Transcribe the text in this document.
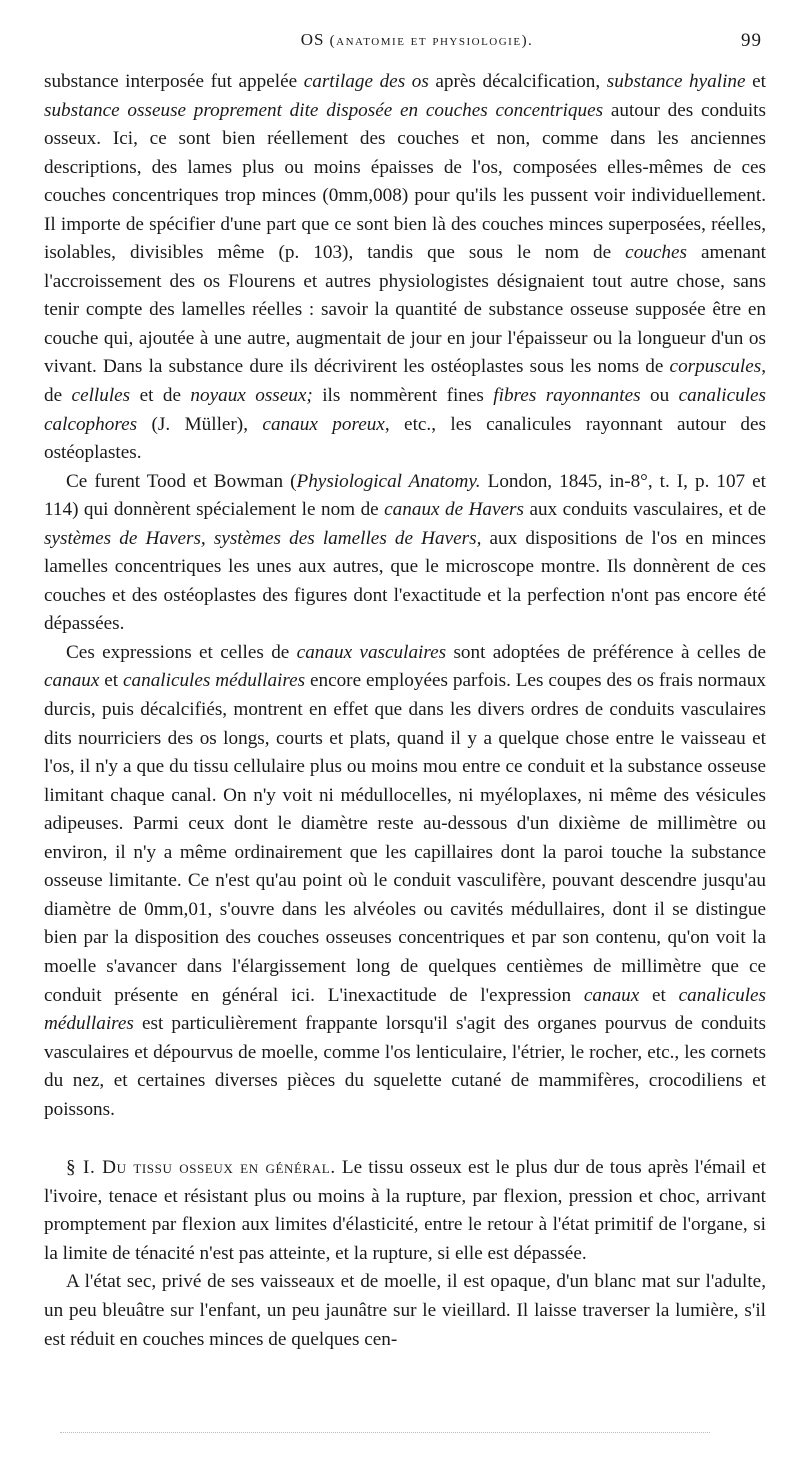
OS (anatomie et physiologie).	99

substance interposée fut appelée cartilage des os après décalcification, substance hyaline et substance osseuse proprement dite disposée en couches concentriques autour des conduits osseux. Ici, ce sont bien réellement des couches et non, comme dans les anciennes descriptions, des lames plus ou moins épaisses de l'os, composées elles-mêmes de ces couches concentriques trop minces (0mm,008) pour qu'ils les pussent voir individuellement. Il importe de spécifier d'une part que ce sont bien là des couches minces superposées, réelles, isolables, divisibles même (p. 103), tandis que sous le nom de couches amenant l'accroissement des os Flourens et autres physiologistes désignaient tout autre chose, sans tenir compte des lamelles réelles : savoir la quantité de substance osseuse supposée être en couche qui, ajoutée à une autre, augmentait de jour en jour l'épaisseur ou la longueur d'un os vivant. Dans la substance dure ils décrivirent les ostéoplastes sous les noms de corpuscules, de cellules et de noyaux osseux; ils nommèrent fines fibres rayonnantes ou canalicules calcophores (J. Müller), canaux poreux, etc., les canalicules rayonnant autour des ostéoplastes.

Ce furent Tood et Bowman (Physiological Anatomy. London, 1845, in-8°, t. I, p. 107 et 114) qui donnèrent spécialement le nom de canaux de Havers aux conduits vasculaires, et de systèmes de Havers, systèmes des lamelles de Havers, aux dispositions de l'os en minces lamelles concentriques les unes aux autres, que le microscope montre. Ils donnèrent de ces couches et des ostéoplastes des figures dont l'exactitude et la perfection n'ont pas encore été dépassées.

Ces expressions et celles de canaux vasculaires sont adoptées de préférence à celles de canaux et canalicules médullaires encore employées parfois. Les coupes des os frais normaux durcis, puis décalcifiés, montrent en effet que dans les divers ordres de conduits vasculaires dits nourriciers des os longs, courts et plats, quand il y a quelque chose entre le vaisseau et l'os, il n'y a que du tissu cellulaire plus ou moins mou entre ce conduit et la substance osseuse limitant chaque canal. On n'y voit ni médullocelles, ni myéloplaxes, ni même des vésicules adipeuses. Parmi ceux dont le diamètre reste au-dessous d'un dixième de millimètre ou environ, il n'y a même ordinairement que les capillaires dont la paroi touche la substance osseuse limitante. Ce n'est qu'au point où le conduit vasculifère, pouvant descendre jusqu'au diamètre de 0mm,01, s'ouvre dans les alvéoles ou cavités médullaires, dont il se distingue bien par la disposition des couches osseuses concentriques et par son contenu, qu'on voit la moelle s'avancer dans l'élargissement long de quelques centièmes de millimètre que ce conduit présente en général ici. L'inexactitude de l'expression canaux et canalicules médullaires est particulièrement frappante lorsqu'il s'agit des organes pourvus de conduits vasculaires et dépourvus de moelle, comme l'os lenticulaire, l'étrier, le rocher, etc., les cornets du nez, et certaines diverses pièces du squelette cutané de mammifères, crocodiliens et poissons.

§ I. Du tissu osseux en général. Le tissu osseux est le plus dur de tous après l'émail et l'ivoire, tenace et résistant plus ou moins à la rupture, par flexion, pression et choc, arrivant promptement par flexion aux limites d'élasticité, entre le retour à l'état primitif de l'organe, si la limite de ténacité n'est pas atteinte, et la rupture, si elle est dépassée.

A l'état sec, privé de ses vaisseaux et de moelle, il est opaque, d'un blanc mat sur l'adulte, un peu bleuâtre sur l'enfant, un peu jaunâtre sur le vieillard. Il laisse traverser la lumière, s'il est réduit en couches minces de quelques cen-
